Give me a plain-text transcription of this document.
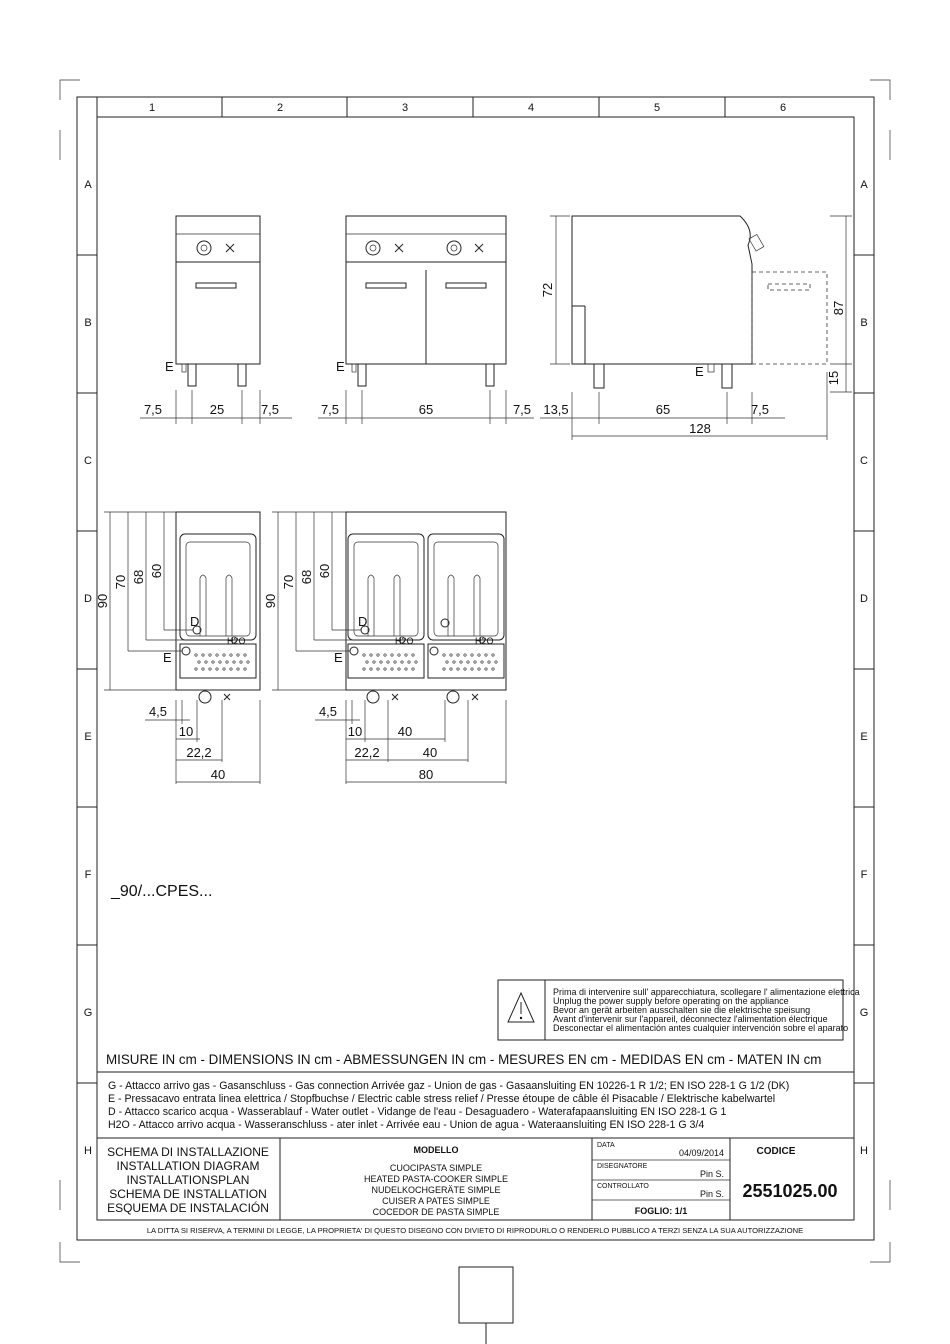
1	2	3	4	5	6
A
B
C
D
E
F
G
H
A
B
C
D
E
F
G
H
E
7,5	25	7,5
E
7,5	65	7,5
E
72
87
15
13,5	65	7,5
128
D
E
H2O
90
70 68 60
4,5
10
22,2
40
D
E
H2O	H2O
90
70 68 60
4,5
10	40
22,2	40
80
_90/...CPES...
Prima di intervenire sull' apparecchiatura, scollegare l' alimentazione elettrica
Unplug the power supply before operating on the appliance
Bevor an gerät arbeiten ausschalten sie die elektrische speisung
Avant d'intervenir sur l'appareil, déconnectez l'alimentation électrique
Desconectar el alimentación antes cualquier intervención sobre el aparato
MISURE IN cm - DIMENSIONS IN cm - ABMESSUNGEN IN cm - MESURES EN cm - MEDIDAS EN cm - MATEN IN cm
G - Attacco arrivo gas - Gasanschluss - Gas connection Arrivée gaz - Union de gas - Gasaansluiting EN 10226-1 R 1/2; EN ISO 228-1 G 1/2 (DK)
E - Pressacavo entrata linea elettrica / Stopfbuchse / Electric cable stress relief / Presse étoupe de câble él Pisacable / Elektrische kabelwartel
D - Attacco scarico acqua - Wasserablauf - Water outlet - Vidange de l'eau - Desaguadero - Waterafapaansluiting EN ISO 228-1 G 1
H2O - Attacco arrivo acqua - Wasseranschluss - ater inlet - Arrivée eau - Union de agua - Wateraansluiting EN ISO 228-1 G 3/4
SCHEMA DI INSTALLAZIONE
INSTALLATION DIAGRAM
INSTALLATIONSPLAN
SCHEMA DE INSTALLATION
ESQUEMA DE INSTALACIÓN
MODELLO
CUOCIPASTA SIMPLE
HEATED PASTA-COOKER SIMPLE
NUDELKOCHGERÄTE SIMPLE
CUISER A PATES SIMPLE
COCEDOR DE PASTA SIMPLE
DATA
04/09/2014
DISEGNATORE
Pin S.
CONTROLLATO
Pin S.
FOGLIO: 1/1
CODICE
2551025.00
LA DITTA SI RISERVA, A TERMINI DI LEGGE, LA PROPRIETA' DI QUESTO DISEGNO CON DIVIETO DI RIPRODURLO O RENDERLO PUBBLICO A TERZI SENZA LA SUA AUTORIZZAZIONE
